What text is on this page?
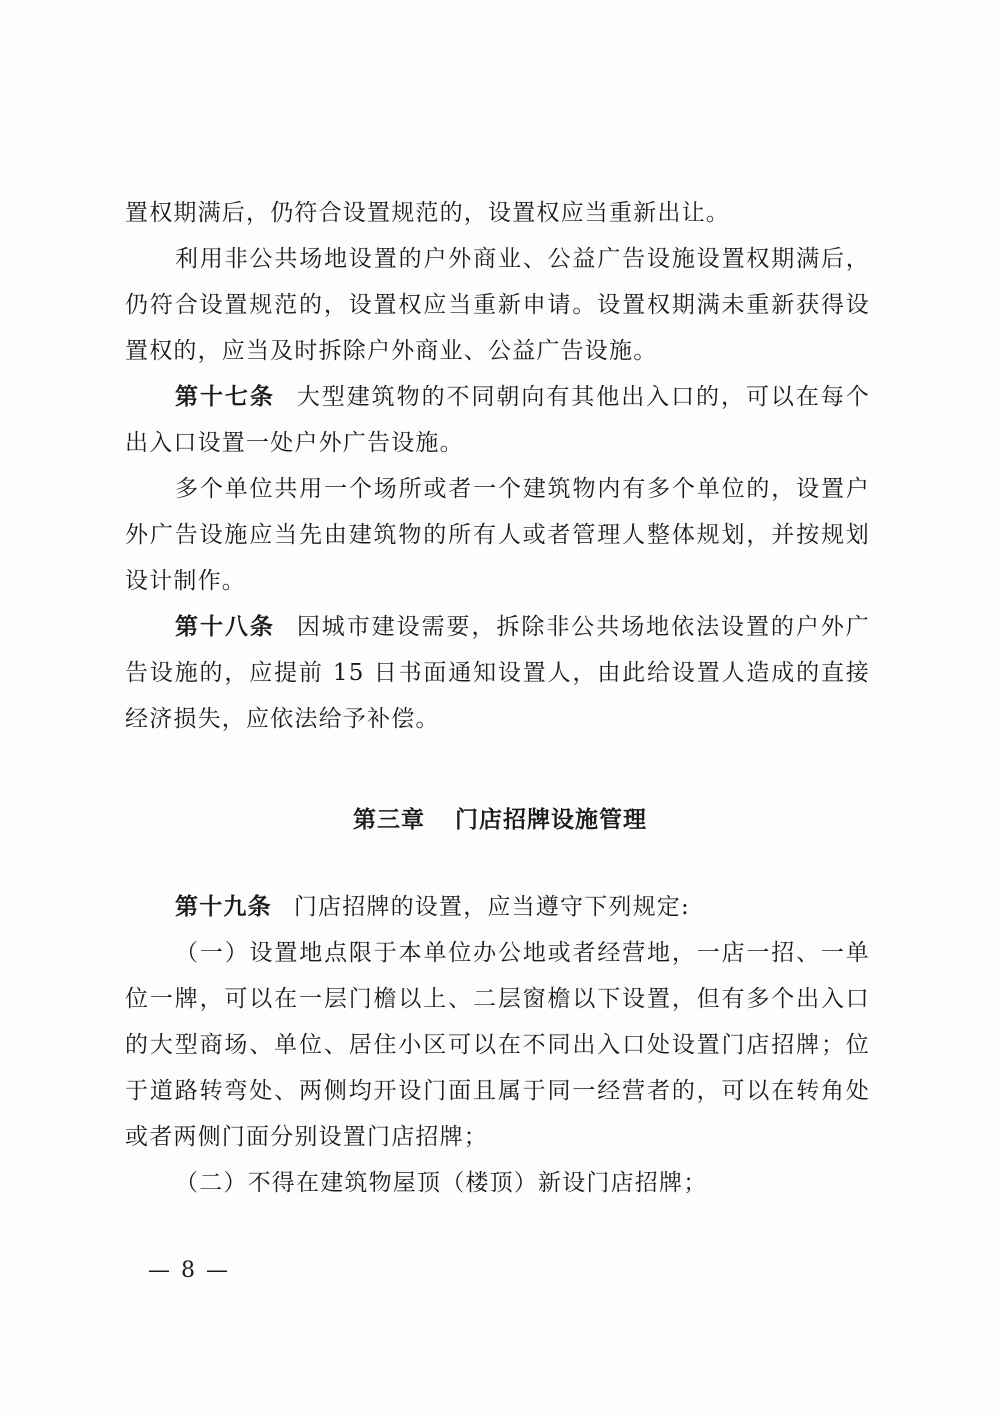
置权期满后，仍符合设置规范的，设置权应当重新出让。

利用非公共场地设置的户外商业、公益广告设施设置权期满后，仍符合设置规范的，设置权应当重新申请。设置权期满未重新获得设置权的，应当及时拆除户外商业、公益广告设施。

第十七条 大型建筑物的不同朝向有其他出入口的，可以在每个出入口设置一处户外广告设施。

多个单位共用一个场所或者一个建筑物内有多个单位的，设置户外广告设施应当先由建筑物的所有人或者管理人整体规划，并按规划设计制作。

第十八条 因城市建设需要，拆除非公共场地依法设置的户外广告设施的，应提前 15 日书面通知设置人，由此给设置人造成的直接经济损失，应依法给予补偿。

第三章 门店招牌设施管理

第十九条 门店招牌的设置，应当遵守下列规定:

（一）设置地点限于本单位办公地或者经营地，一店一招、一单位一牌，可以在一层门檐以上、二层窗檐以下设置，但有多个出入口的大型商场、单位、居住小区可以在不同出入口处设置门店招牌；位于道路转弯处、两侧均开设门面且属于同一经营者的，可以在转角处或者两侧门面分别设置门店招牌；

（二）不得在建筑物屋顶（楼顶）新设门店招牌；

— 8 —
